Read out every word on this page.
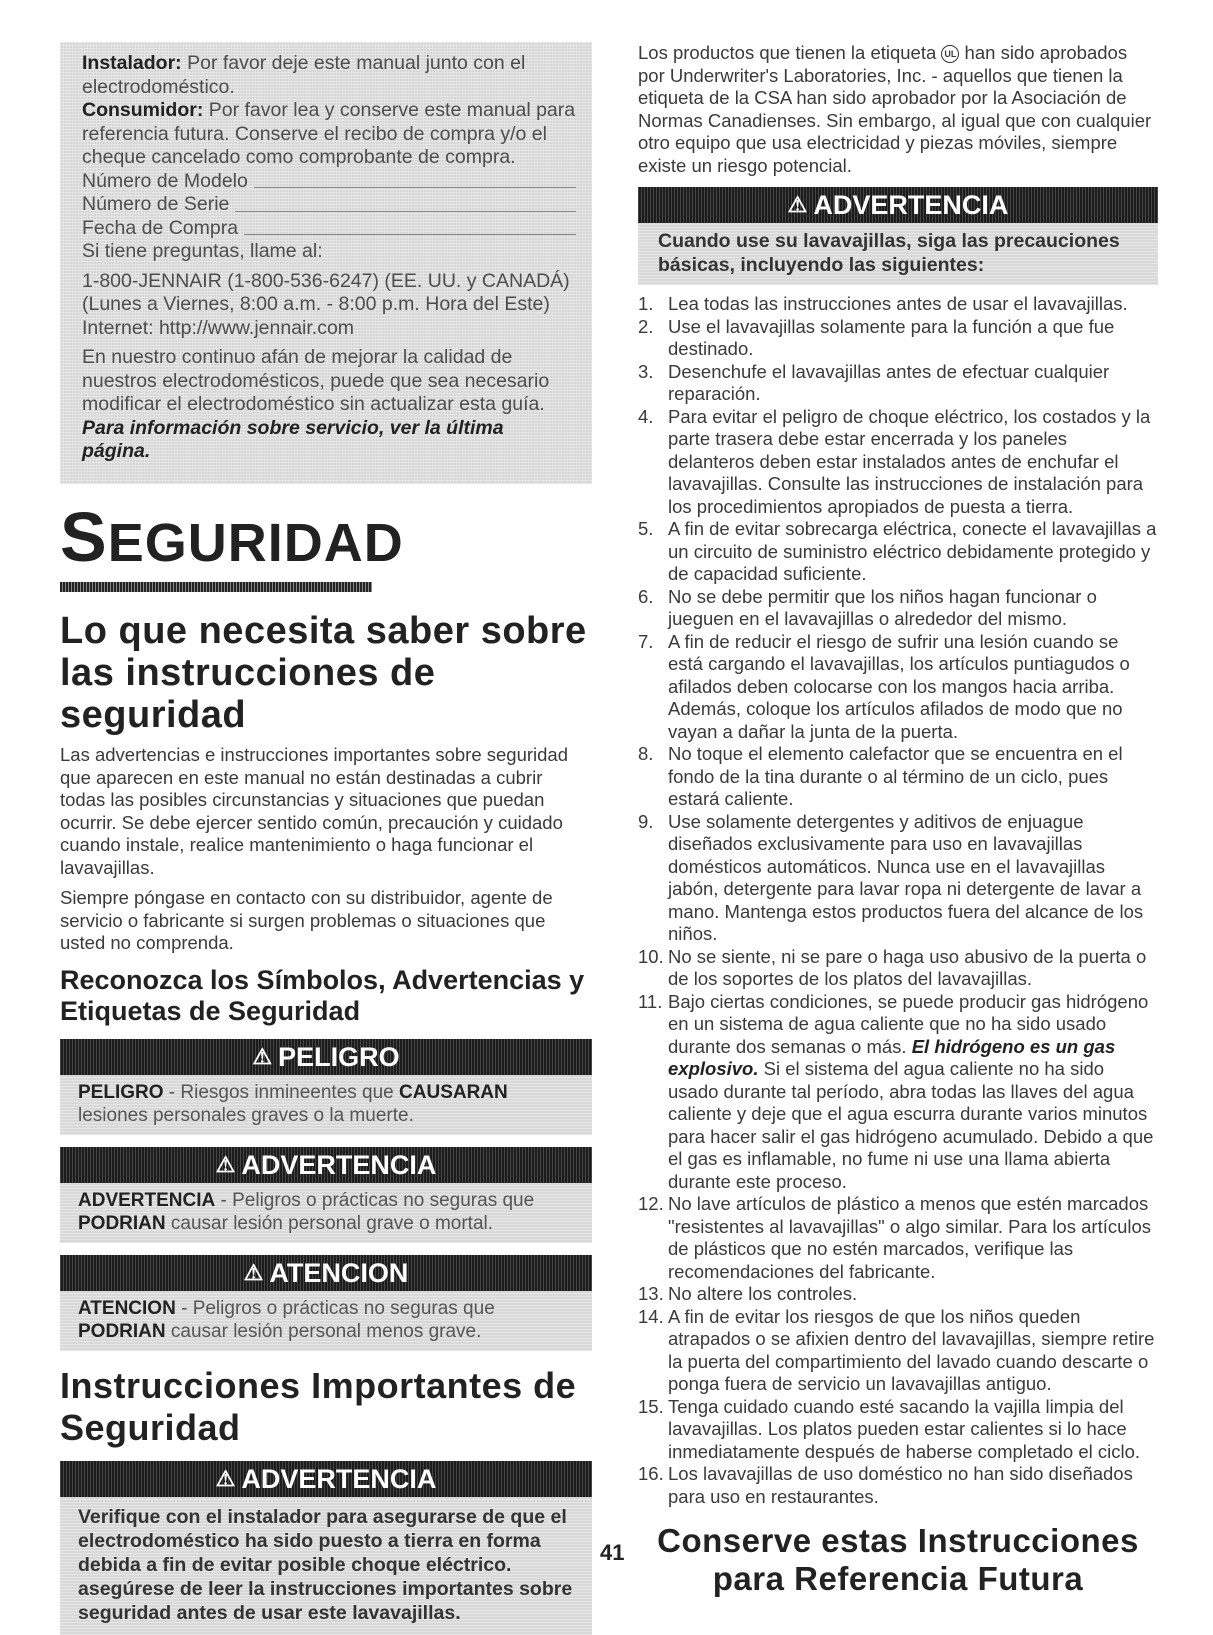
Instalador: Por favor deje este manual junto con el electrodoméstico.

Consumidor: Por favor lea y conserve este manual para referencia futura. Conserve el recibo de compra y/o el cheque cancelado como comprobante de compra.

Número de Modelo
Número de Serie
Fecha de Compra

Si tiene preguntas, llame al:

1-800-JENNAIR (1-800-536-6247) (EE. UU. y CANADÁ)

(Lunes a Viernes, 8:00 a.m. - 8:00 p.m. Hora del Este)

Internet: http://www.jennair.com

En nuestro continuo afán de mejorar la calidad de nuestros electrodomésticos, puede que sea necesario modificar el electrodoméstico sin actualizar esta guía.

Para información sobre servicio, ver la última página.

SEGURIDAD
Lo que necesita saber sobre las instrucciones de seguridad

Las advertencias e instrucciones importantes sobre seguridad que aparecen en este manual no están destinadas a cubrir todas las posibles circunstancias y situaciones que puedan ocurrir. Se debe ejercer sentido común, precaución y cuidado cuando instale, realice mantenimiento o haga funcionar el lavavajillas.

Siempre póngase en contacto con su distribuidor, agente de servicio o fabricante si surgen problemas o situaciones que usted no comprenda.

Reconozca los Símbolos, Advertencias y Etiquetas de Seguridad
⚠ PELIGRO
PELIGRO - Riesgos inmineentes que CAUSARAN lesiones personales graves o la muerte.
⚠ ADVERTENCIA
ADVERTENCIA - Peligros o prácticas no seguras que PODRIAN causar lesión personal grave o mortal.
⚠ ATENCION
ATENCION - Peligros o prácticas no seguras que PODRIAN causar lesión personal menos grave.
Instrucciones Importantes de Seguridad
⚠ ADVERTENCIA
Verifique con el instalador para asegurarse de que el electrodoméstico ha sido puesto a tierra en forma debida a fin de evitar posible choque eléctrico. asegúrese de leer la instrucciones importantes sobre seguridad antes de usar este lavavajillas.
41

Los productos que tienen la etiqueta UL han sido aprobados por Underwriter's Laboratories, Inc. - aquellos que tienen la etiqueta de la CSA han sido aprobador por la Asociación de Normas Canadienses. Sin embargo, al igual que con cualquier otro equipo que usa electricidad y piezas móviles, siempre existe un riesgo potencial.

⚠ ADVERTENCIA
Cuando use su lavavajillas, siga las precauciones básicas, incluyendo las siguientes:
1. Lea todas las instrucciones antes de usar el lavavajillas.
2. Use el lavavajillas solamente para la función a que fue destinado.
3. Desenchufe el lavavajillas antes de efectuar cualquier reparación.
4. Para evitar el peligro de choque eléctrico, los costados y la parte trasera debe estar encerrada y los paneles delanteros deben estar instalados antes de enchufar el lavavajillas. Consulte las instrucciones de instalación para los procedimientos apropiados de puesta a tierra.
5. A fin de evitar sobrecarga eléctrica, conecte el lavavajillas a un circuito de suministro eléctrico debidamente protegido y de capacidad suficiente.
6. No se debe permitir que los niños hagan funcionar o jueguen en el lavavajillas o alrededor del mismo.
7. A fin de reducir el riesgo de sufrir una lesión cuando se está cargando el lavavajillas, los artículos puntiagudos o afilados deben colocarse con los mangos hacia arriba. Además, coloque los artículos afilados de modo que no vayan a dañar la junta de la puerta.
8. No toque el elemento calefactor que se encuentra en el fondo de la tina durante o al término de un ciclo, pues estará caliente.
9. Use solamente detergentes y aditivos de enjuague diseñados exclusivamente para uso en lavavajillas domésticos automáticos. Nunca use en el lavavajillas jabón, detergente para lavar ropa ni detergente de lavar a mano. Mantenga estos productos fuera del alcance de los niños.
10. No se siente, ni se pare o haga uso abusivo de la puerta o de los soportes de los platos del lavavajillas.
11. Bajo ciertas condiciones, se puede producir gas hidrógeno en un sistema de agua caliente que no ha sido usado durante dos semanas o más. El hidrógeno es un gas explosivo. Si el sistema del agua caliente no ha sido usado durante tal período, abra todas las llaves del agua caliente y deje que el agua escurra durante varios minutos para hacer salir el gas hidrógeno acumulado. Debido a que el gas es inflamable, no fume ni use una llama abierta durante este proceso.
12. No lave artículos de plástico a menos que estén marcados "resistentes al lavavajillas" o algo similar. Para los artículos de plásticos que no estén marcados, verifique las recomendaciones del fabricante.
13. No altere los controles.
14. A fin de evitar los riesgos de que los niños queden atrapados o se afixien dentro del lavavajillas, siempre retire la puerta del compartimiento del lavado cuando descarte o ponga fuera de servicio un lavavajillas antiguo.
15. Tenga cuidado cuando esté sacando la vajilla limpia del lavavajillas. Los platos pueden estar calientes si lo hace inmediatamente después de haberse completado el ciclo.
16. Los lavavajillas de uso doméstico no han sido diseñados para uso en restaurantes.
Conserve estas Instrucciones
para Referencia Futura
